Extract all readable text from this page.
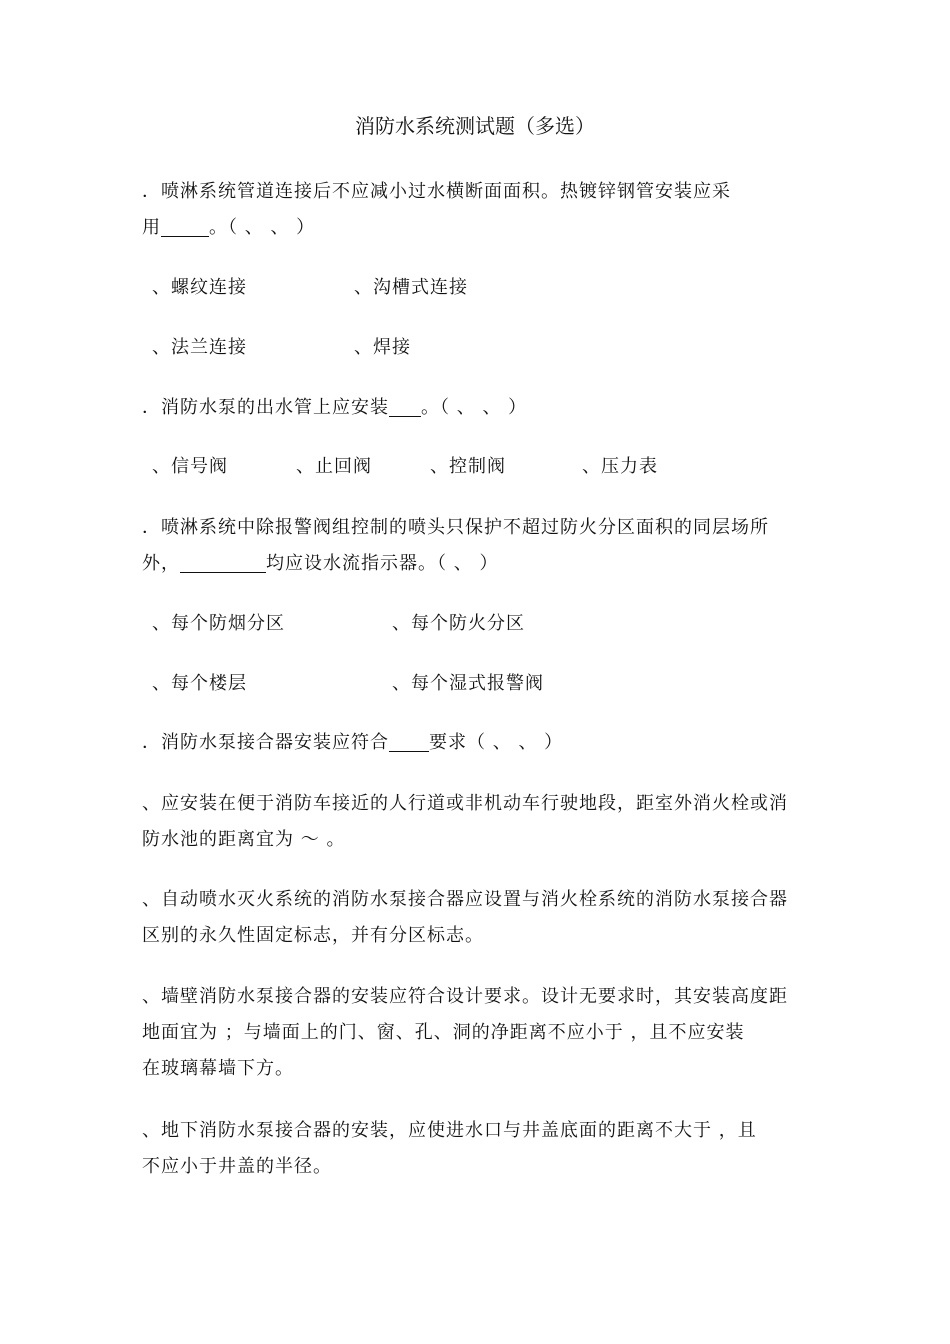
消防水系统测试题（多选）
．喷淋系统管道连接后不应减小过水横断面面积。热镀锌钢管安装应采
用	。（ 、 、 ）
、螺纹连接	、沟槽式连接
、法兰连接	、焊接
．消防水泵的出水管上应安装 。（ 、 、 ）
、信号阀	、止回阀	、控制阀	、压力表
．喷淋系统中除报警阀组控制的喷头只保护不超过防火分区面积的同层场所
外，	均应设水流指示器。（ 、 ）
、每个防烟分区	、每个防火分区
、每个楼层	、每个湿式报警阀
．消防水泵接合器安装应符合 要求（ 、 、 ）
、应安装在便于消防车接近的人行道或非机动车行驶地段，距室外消火栓或消
防水池的距离宜为 ～ 。
、自动喷水灭火系统的消防水泵接合器应设置与消火栓系统的消防水泵接合器
区别的永久性固定标志，并有分区标志。
、墙壁消防水泵接合器的安装应符合设计要求。设计无要求时，其安装高度距
地面宜为 ；与墙面上的门、窗、孔、洞的净距离不应小于 ，且不应安装
在玻璃幕墙下方。
、地下消防水泵接合器的安装，应使进水口与井盖底面的距离不大于 ，且
不应小于井盖的半径。
